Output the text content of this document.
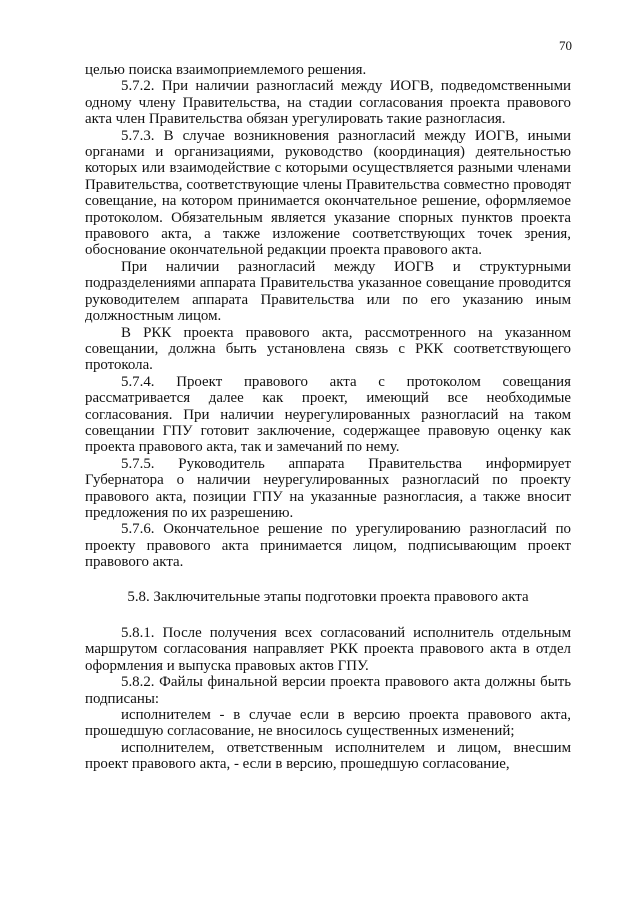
70

целью поиска взаимоприемлемого решения.

5.7.2. При наличии разногласий между ИОГВ, подведомственными одному члену Правительства, на стадии согласования проекта правового акта член Правительства обязан урегулировать такие разногласия.

5.7.3. В случае возникновения разногласий между ИОГВ, иными органами и организациями, руководство (координация) деятельностью которых или взаимодействие с которыми осуществляется разными членами Правительства, соответствующие члены Правительства совместно проводят совещание, на котором принимается окончательное решение, оформляемое протоколом. Обязательным является указание спорных пунктов проекта правового акта, а также изложение соответствующих точек зрения, обоснование окончательной редакции проекта правового акта.

При наличии разногласий между ИОГВ и структурными подразделениями аппарата Правительства указанное совещание проводится руководителем аппарата Правительства или по его указанию иным должностным лицом.

В РКК проекта правового акта, рассмотренного на указанном совещании, должна быть установлена связь с РКК соответствующего протокола.

5.7.4. Проект правового акта с протоколом совещания рассматривается далее как проект, имеющий все необходимые согласования. При наличии неурегулированных разногласий на таком совещании ГПУ готовит заключение, содержащее правовую оценку как проекта правового акта, так и замечаний по нему.

5.7.5. Руководитель аппарата Правительства информирует Губернатора о наличии неурегулированных разногласий по проекту правового акта, позиции ГПУ на указанные разногласия, а также вносит предложения по их разрешению.

5.7.6. Окончательное решение по урегулированию разногласий по проекту правового акта принимается лицом, подписывающим проект правового акта.

5.8. Заключительные этапы подготовки проекта правового акта

5.8.1. После получения всех согласований исполнитель отдельным маршрутом согласования направляет РКК проекта правового акта в отдел оформления и выпуска правовых актов ГПУ.

5.8.2. Файлы финальной версии проекта правового акта должны быть подписаны:

исполнителем - в случае если в версию проекта правового акта, прошедшую согласование, не вносилось существенных изменений;

исполнителем, ответственным исполнителем и лицом, внесшим проект правового акта, - если в версию, прошедшую согласование,
